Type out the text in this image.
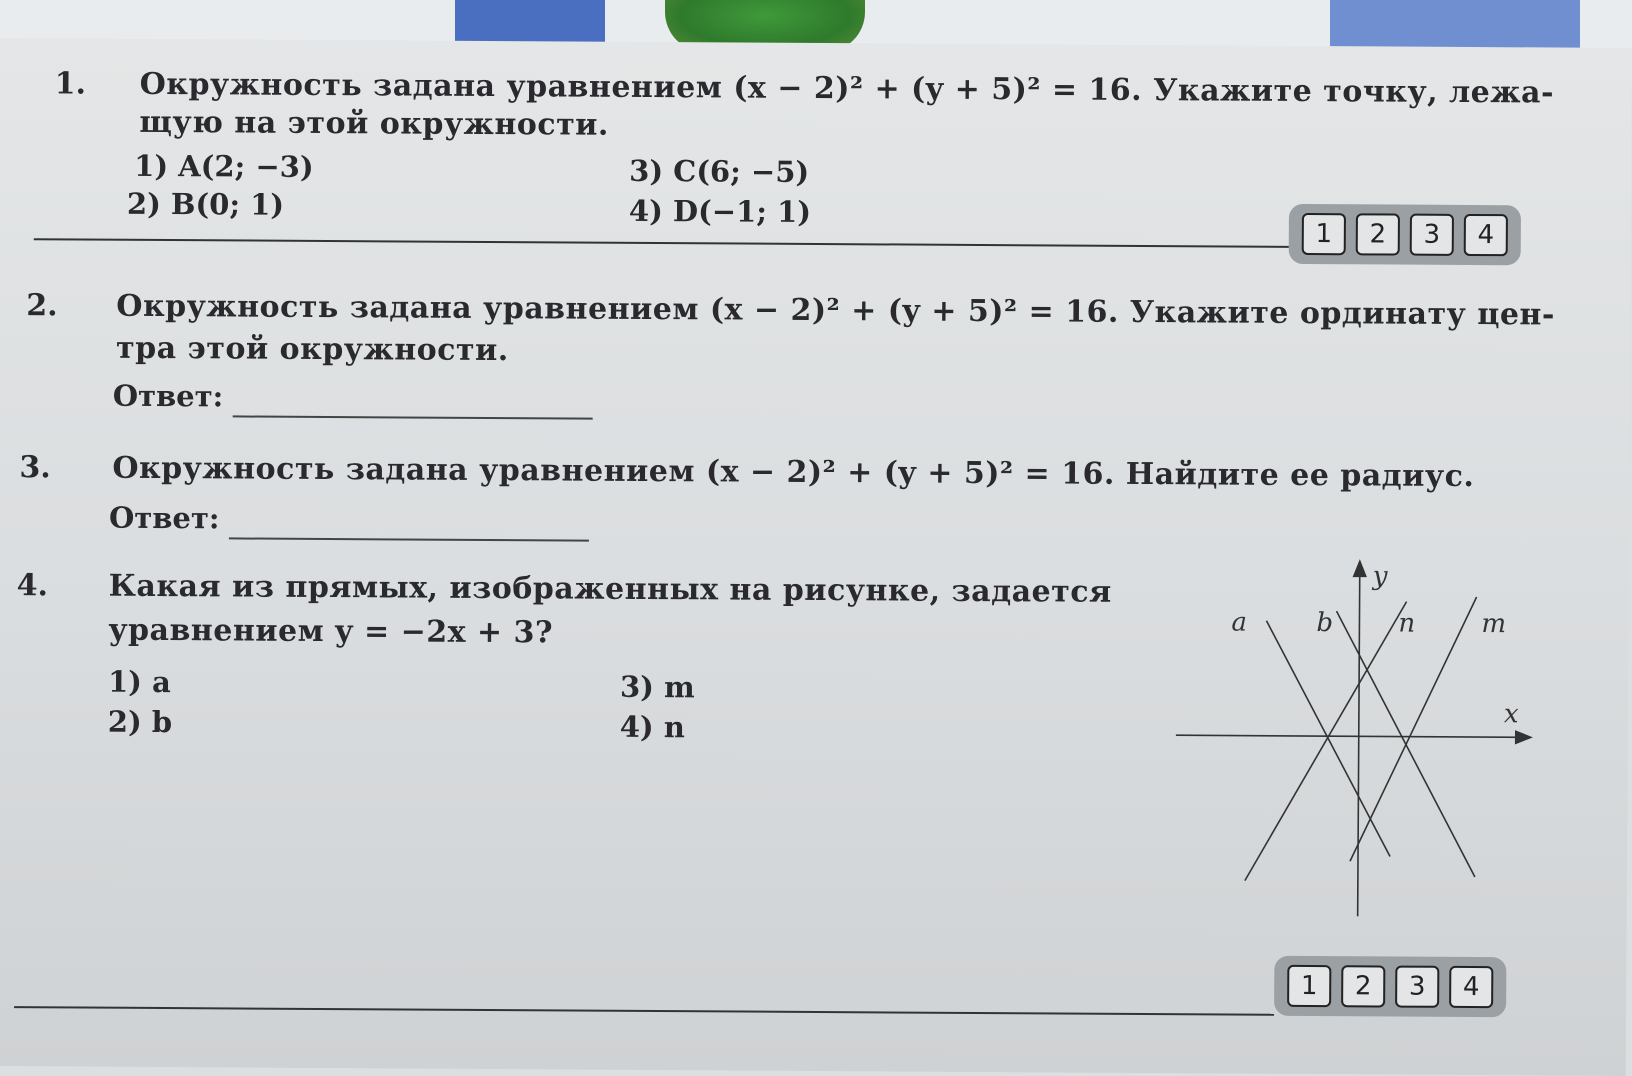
1. Окружность задана уравнением (x − 2)² + (y + 5)² = 16. Укажите точку, лежа-
щую на этой окружности.
1) A(2; −3)
2) B(0; 1)
3) C(6; −5)
4) D(−1; 1)
1	2	3	4
2. Окружность задана уравнением (x − 2)² + (y + 5)² = 16. Укажите ординату цен-
тра этой окружности.
Ответ:
3. Окружность задана уравнением (x − 2)² + (y + 5)² = 16. Найдите ее радиус.
Ответ:
4. Какая из прямых, изображенных на рисунке, задается
уравнением y = −2x + 3?
1) a
2) b
3) m
4) n
a	b	n	m
x
y
1	2	3	4
